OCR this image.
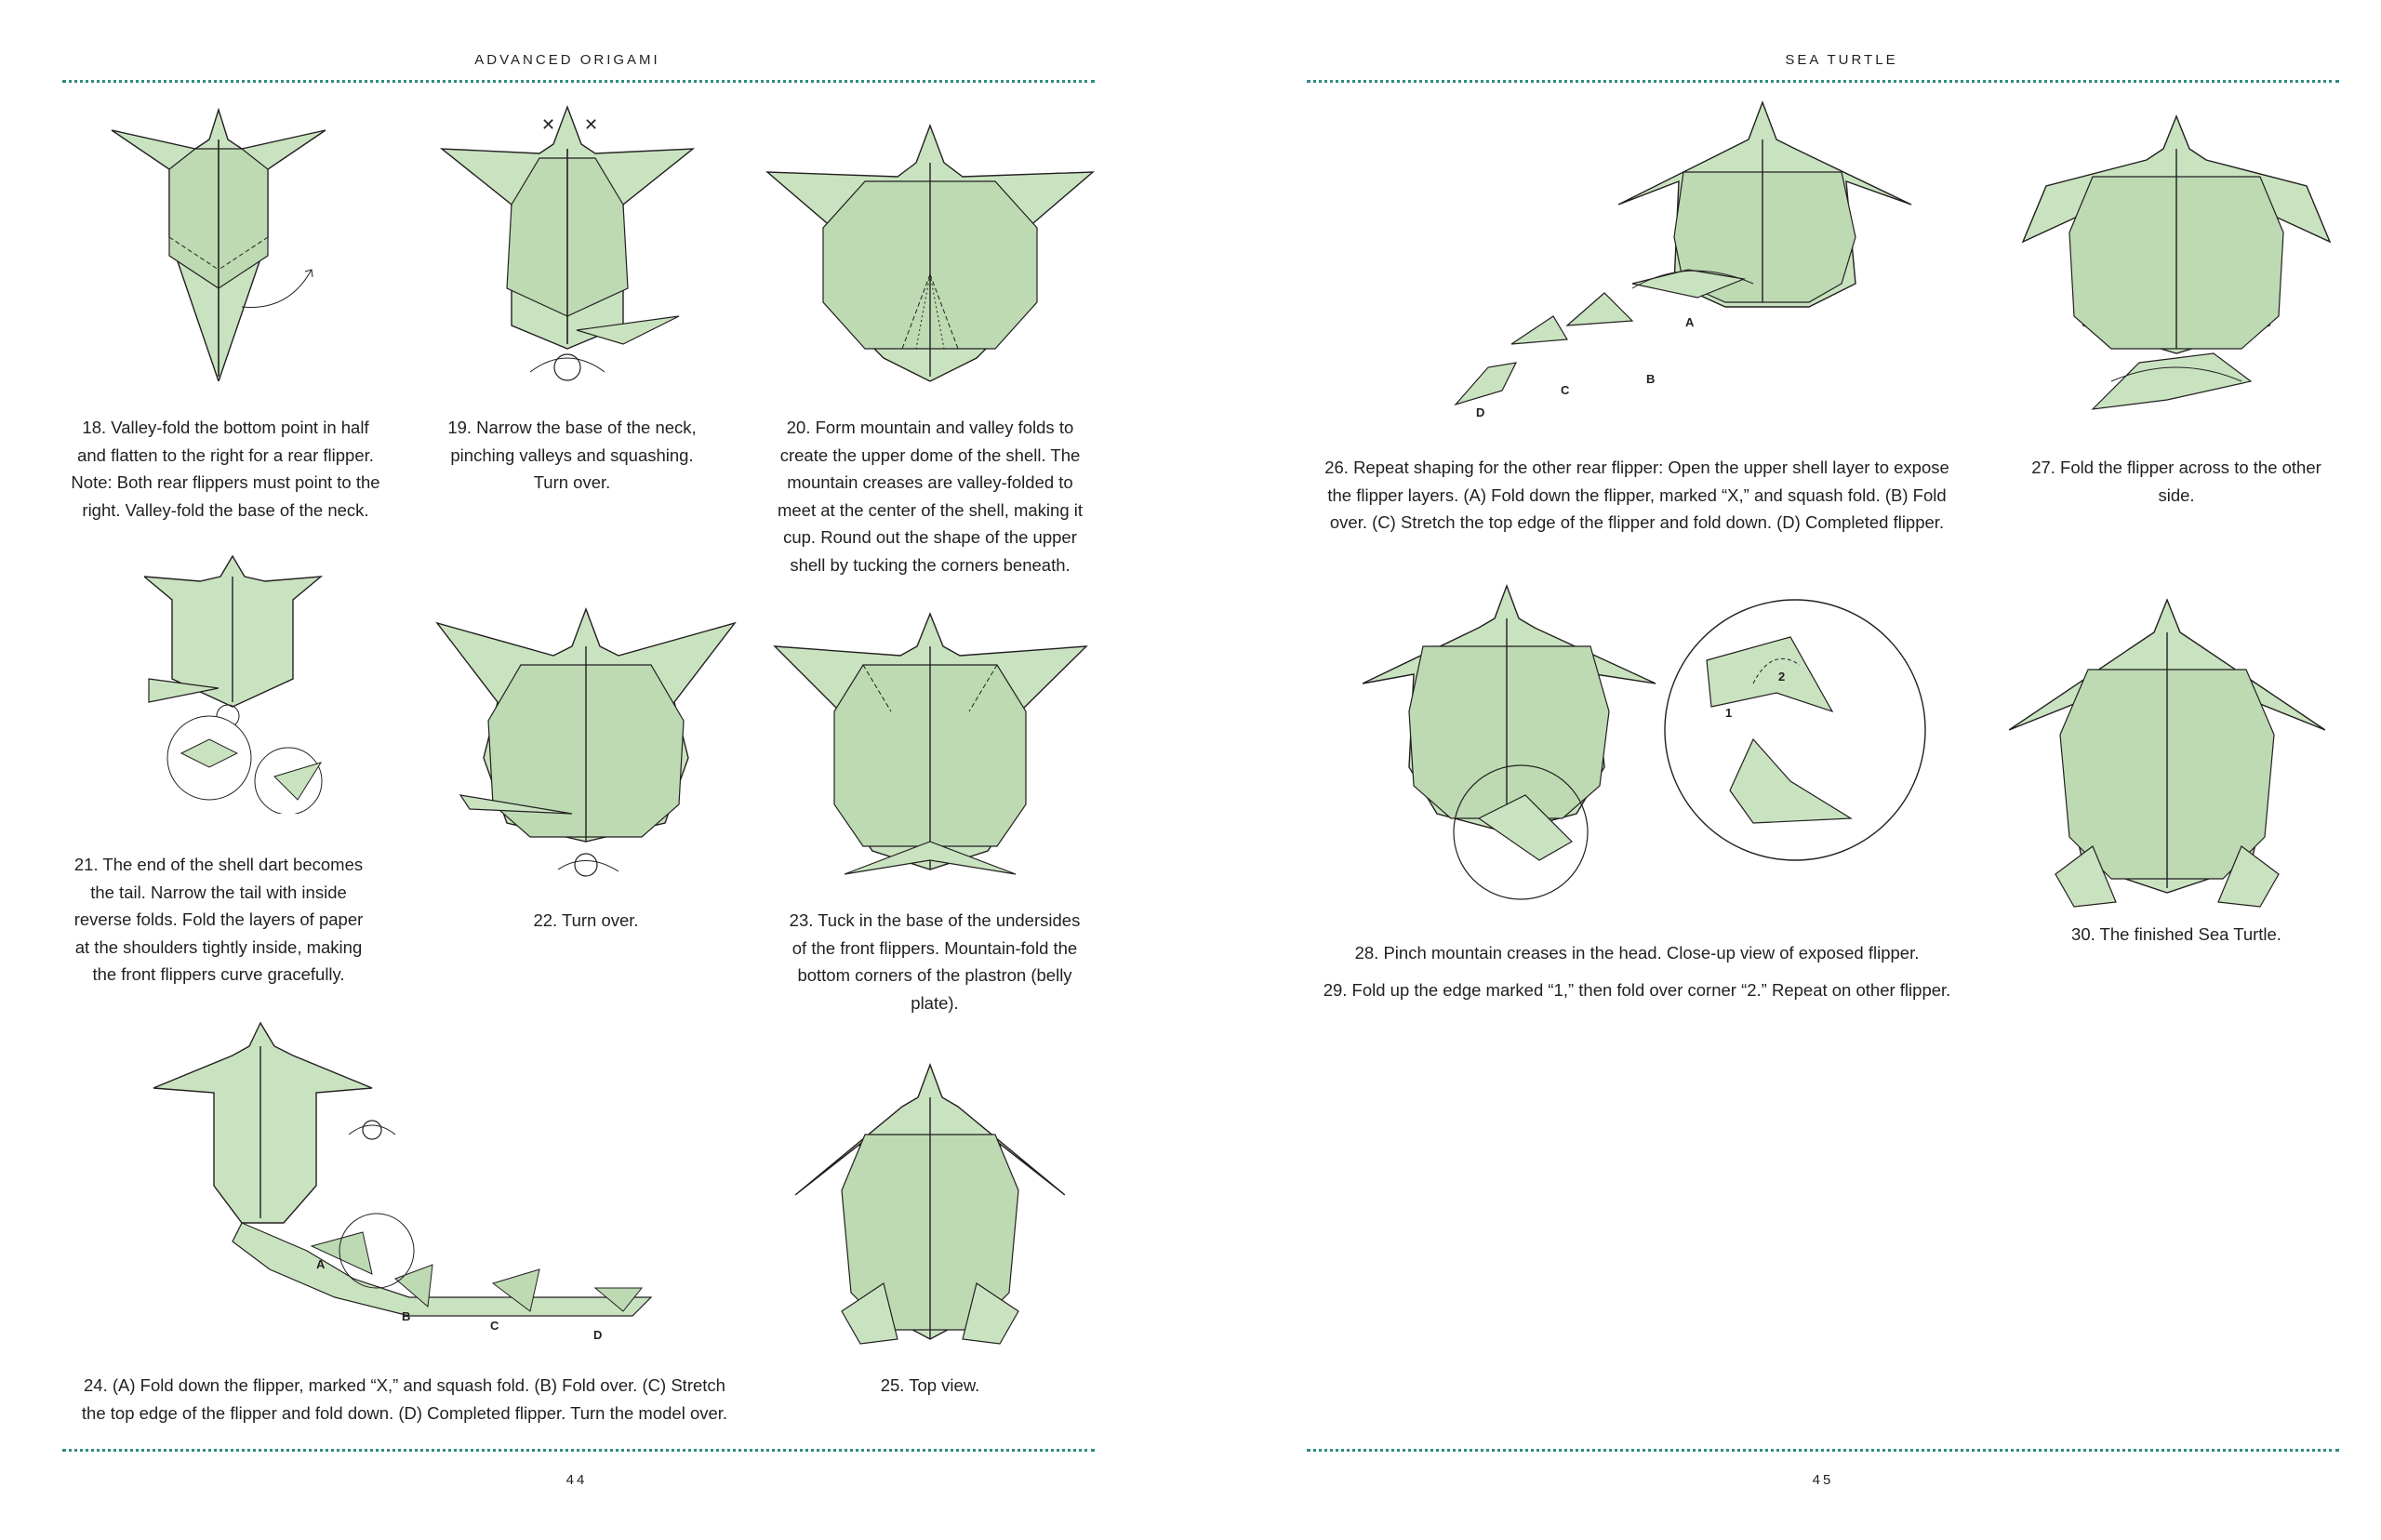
ADVANCED ORIGAMI
18. Valley-fold the bottom point in half and flatten to the right for a rear flipper. Note: Both rear flippers must point to the right. Valley-fold the base of the neck.
✕ ✕
19. Narrow the base of the neck, pinching valleys and squashing. Turn over.
20. Form mountain and valley folds to create the upper dome of the shell. The mountain creases are valley-folded to meet at the center of the shell, making it cup. Round out the shape of the upper shell by tucking the corners beneath.
21. The end of the shell dart becomes the tail. Narrow the tail with inside reverse folds. Fold the layers of paper at the shoulders tightly inside, making the front flippers curve gracefully.
22. Turn over.	23. Tuck in the base of the undersides of the front flippers. Mountain-fold the bottom corners of the plastron (belly plate).
A
B
C
D
24. (A) Fold down the flipper, marked “X,” and squash fold. (B) Fold over. (C) Stretch the top edge of the flipper and fold down. (D) Completed flipper. Turn the model over.
25. Top view.
44
SEA TURTLE
A
B
C
D
26. Repeat shaping for the other rear flipper: Open the upper shell layer to expose the flipper layers. (A) Fold down the flipper, marked “X,” and squash fold. (B) Fold over. (C) Stretch the top edge of the flipper and fold down. (D) Completed flipper.
27. Fold the flipper across to the other side.
1
2
28. Pinch mountain creases in the head. Close-up view of exposed flipper.
29. Fold up the edge marked “1,” then fold over corner “2.” Repeat on other flipper.
30. The finished Sea Turtle.
45
